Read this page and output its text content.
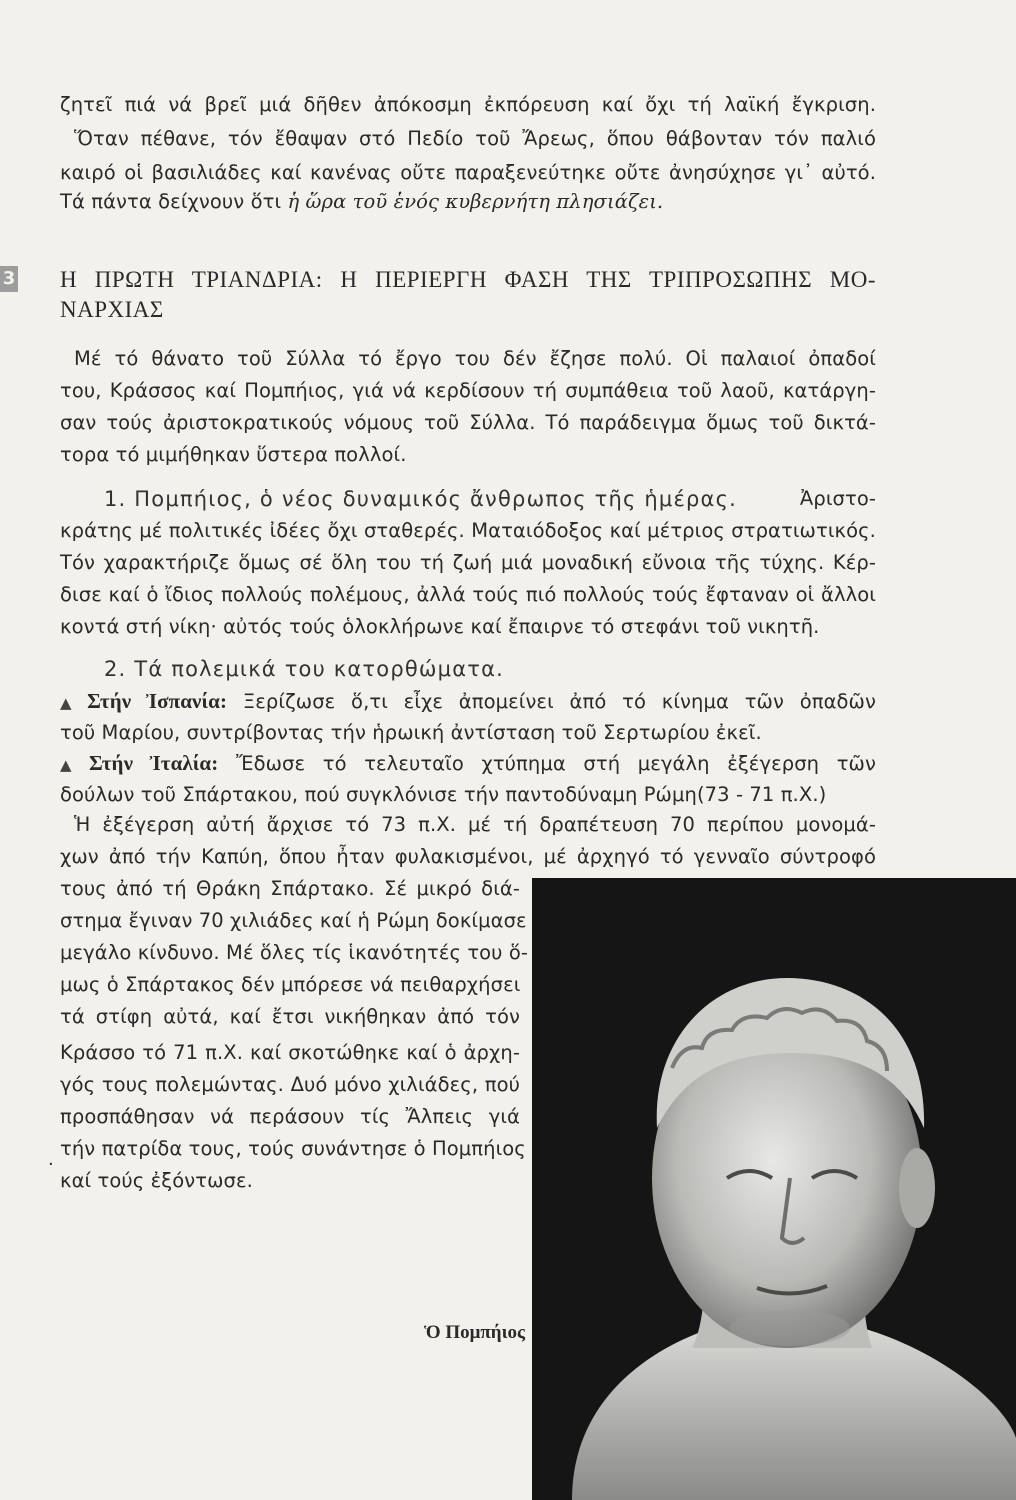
ζητεῖ πιά νά βρεῖ μιά δῆθεν ἀπόκοσμη ἐκπόρευση καί ὄχι τή λαϊκή ἔγκριση.
Ὅταν πέθανε, τόν ἔθαψαν στό Πεδίο τοῦ Ἄρεως, ὅπου θάβονταν τόν παλιό
καιρό οἱ βασιλιάδες καί κανένας οὔτε παραξενεύτηκε οὔτε ἀνησύχησε γι᾽ αὐτό.
Τά πάντα δείχνουν ὅτι ἡ ὥρα τοῦ ἑνός κυβερνήτη πλησιάζει.
3 Η ΠΡΩΤΗ ΤΡΙΑΝΔΡΙΑ: Η ΠΕΡΙΕΡΓΗ ΦΑΣΗ ΤΗΣ ΤΡΙΠΡΟΣΩΠΗΣ ΜΟ-
ΝΑΡΧΙΑΣ
Μέ τό θάνατο τοῦ Σύλλα τό ἔργο του δέν ἔζησε πολύ. Οἱ παλαιοί ὀπαδοί
του, Κράσσος καί Πομπήιος, γιά νά κερδίσουν τή συμπάθεια τοῦ λαοῦ, κατάργη-
σαν τούς ἀριστοκρατικούς νόμους τοῦ Σύλλα. Τό παράδειγμα ὅμως τοῦ δικτά-
τορα τό μιμήθηκαν ὕστερα πολλοί.
1. Πομπήιος, ὁ νέος δυναμικός ἄνθρωπος τῆς ἡμέρας.	Ἀριστο-
κράτης μέ πολιτικές ἰδέες ὄχι σταθερές. Ματαιόδοξος καί μέτριος στρατιωτικός.
Τόν χαρακτήριζε ὅμως σέ ὅλη του τή ζωή μιά μοναδική εὔνοια τῆς τύχης. Κέρ-
δισε καί ὁ ἴδιος πολλούς πολέμους, ἀλλά τούς πιό πολλούς τούς ἔφταναν οἱ ἄλλοι
κοντά στή νίκη· αὐτός τούς ὁλοκλήρωνε καί ἔπαιρνε τό στεφάνι τοῦ νικητῆ.
2. Τά πολεμικά του κατορθώματα.
▲ Στήν Ἰσπανία: Ξερίζωσε ὅ,τι εἶχε ἀπομείνει ἀπό τό κίνημα τῶν ὀπαδῶν
τοῦ Μαρίου, συντρίβοντας τήν ἡρωική ἀντίσταση τοῦ Σερτωρίου ἐκεῖ.
▲ Στήν Ἰταλία: Ἔδωσε τό τελευταῖο χτύπημα στή μεγάλη ἐξέγερση τῶν
δούλων τοῦ Σπάρτακου, πού συγκλόνισε τήν παντοδύναμη Ρώμη(73 - 71 π.Χ.)
Ἡ ἐξέγερση αὐτή ἄρχισε τό 73 π.Χ. μέ τή δραπέτευση 70 περίπου μονομά-
χων ἀπό τήν Καπύη, ὅπου ἦταν φυλακισμένοι, μέ ἀρχηγό τό γενναῖο σύντροφό
τους ἀπό τή Θράκη Σπάρτακο. Σέ μικρό διά-
στημα ἔγιναν 70 χιλιάδες καί ἡ Ρώμη δοκίμασε
μεγάλο κίνδυνο. Μέ ὅλες τίς ἱκανότητές του ὅ-
μως ὁ Σπάρτακος δέν μπόρεσε νά πειθαρχήσει
τά στίφη αὐτά, καί ἔτσι νικήθηκαν ἀπό τόν
Κράσσο τό 71 π.Χ. καί σκοτώθηκε καί ὁ ἀρχη-
γός τους πολεμώντας. Δυό μόνο χιλιάδες, πού
προσπάθησαν νά περάσουν τίς Ἄλπεις γιά
τήν πατρίδα τους, τούς συνάντησε ὁ Πομπήιος
καί τούς ἐξόντωσε.
.
Ὁ Πομπήιος
